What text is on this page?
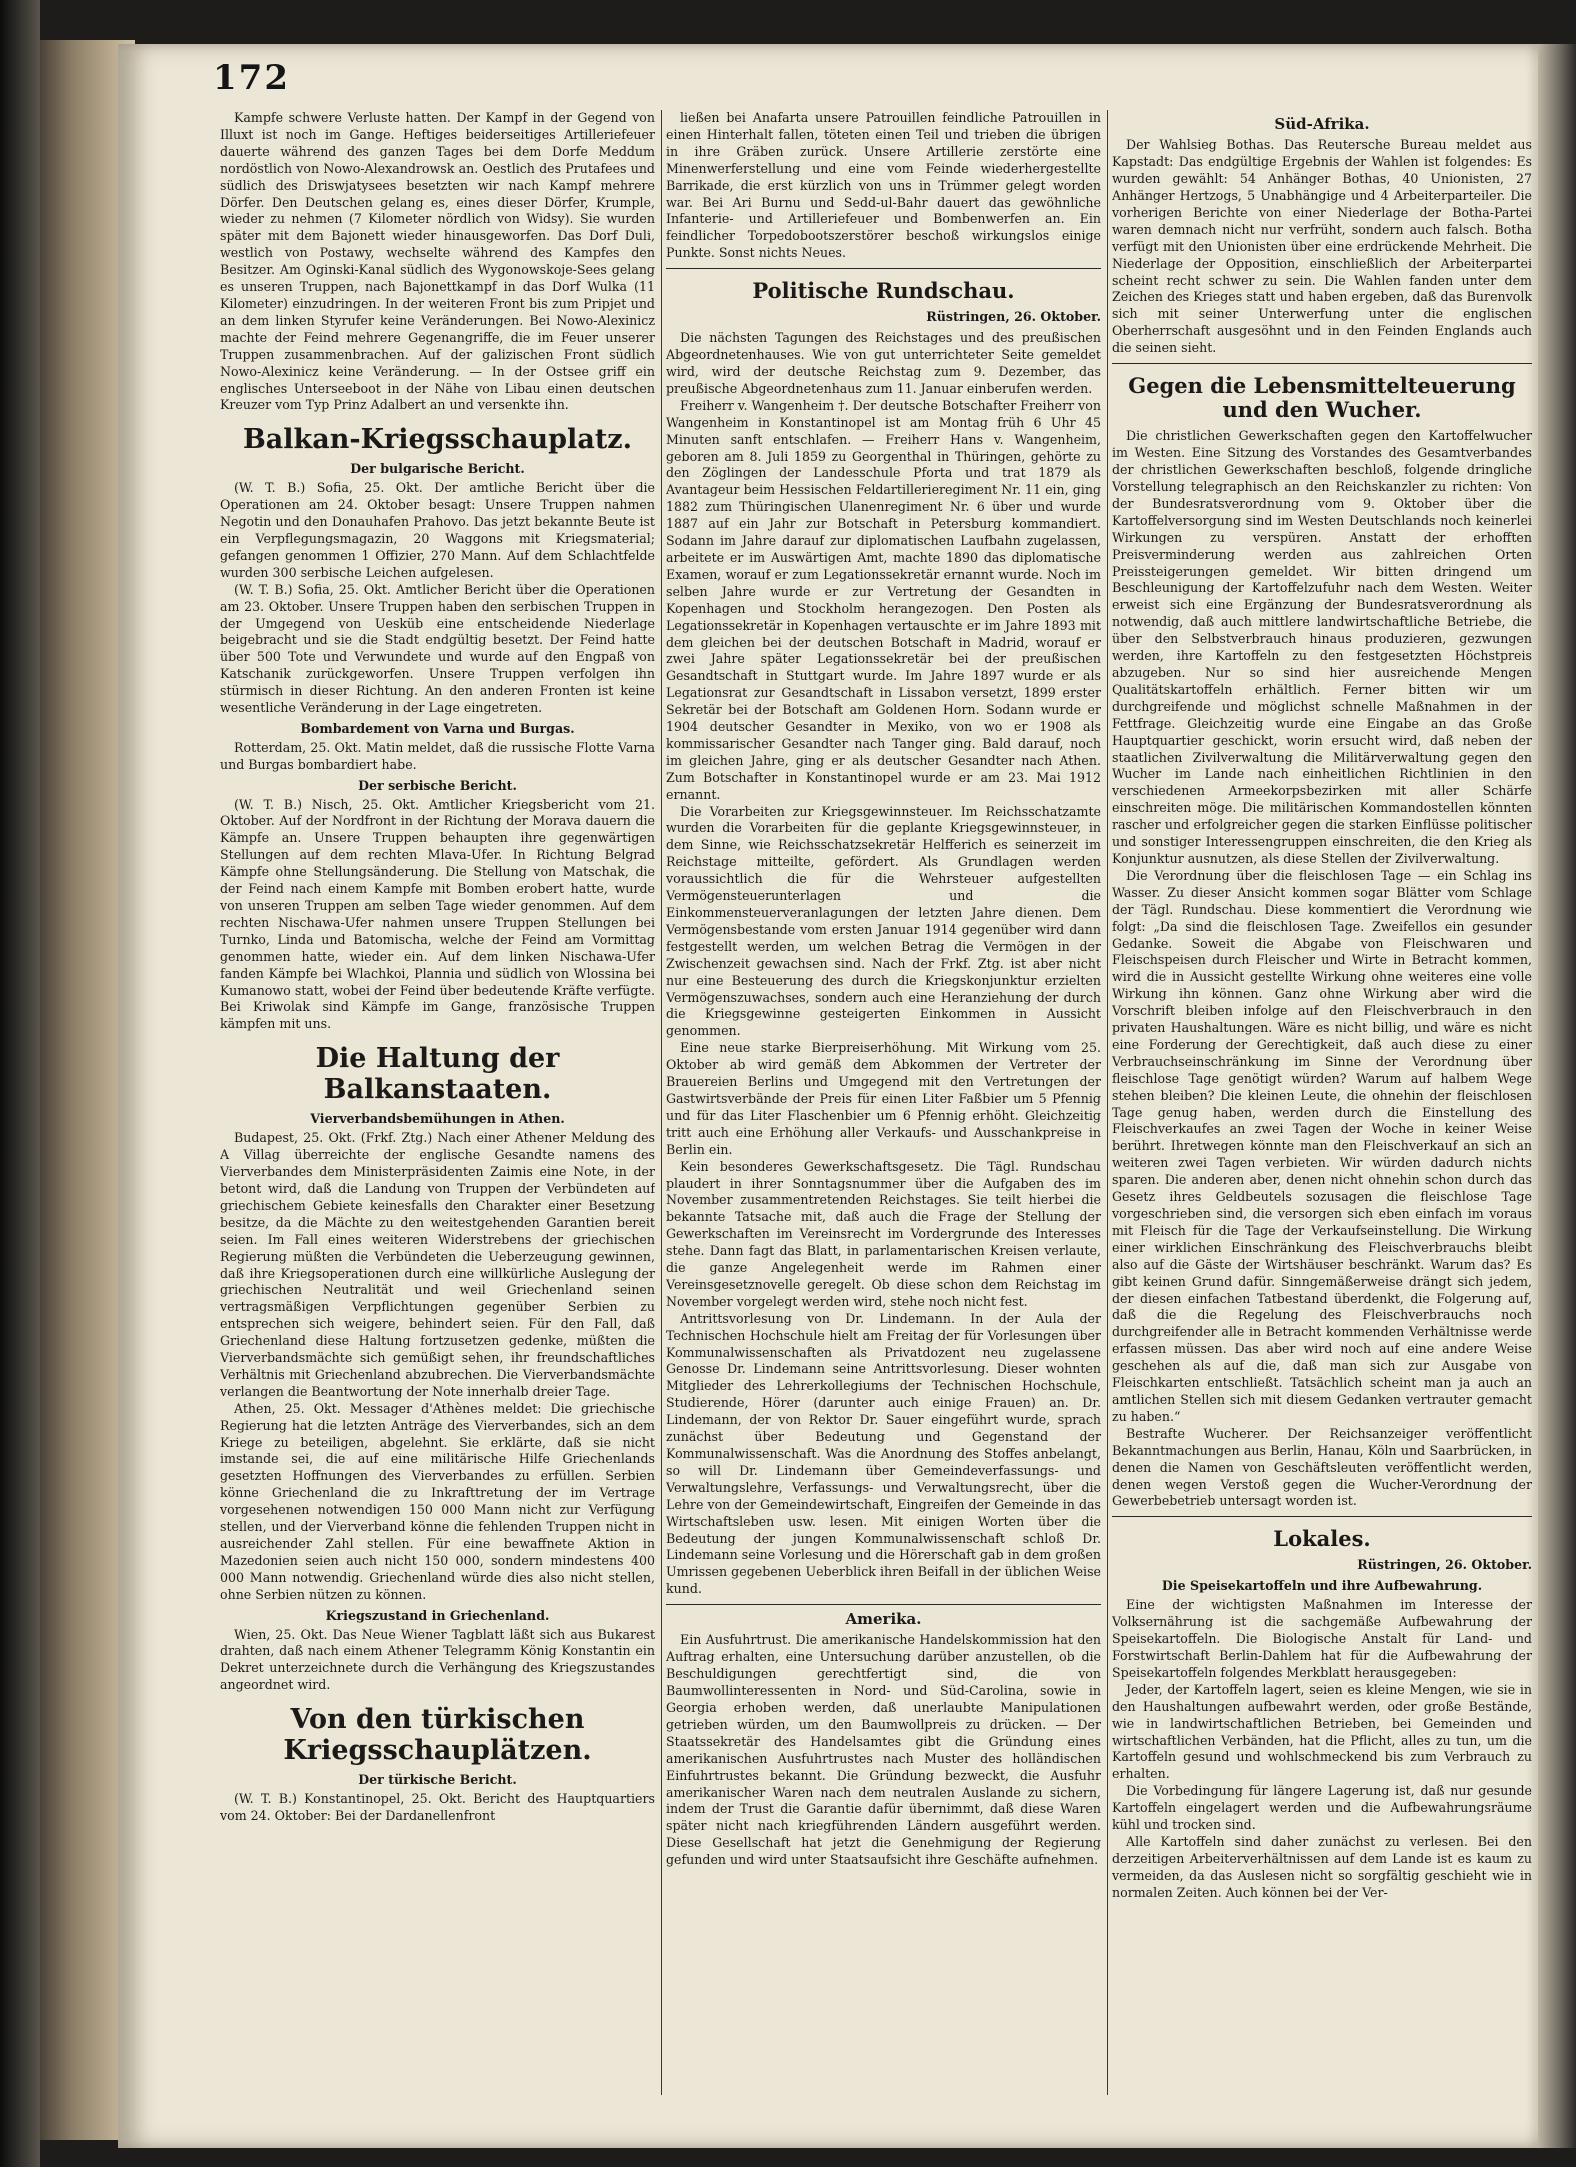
172

Kampfe schwere Verluste hatten. Der Kampf in der Gegend von Illuxt ist noch im Gange. Heftiges beiderseitiges Artilleriefeuer dauerte während des ganzen Tages bei dem Dorfe Meddum nordöstlich von Nowo-Alexandrowsk an. Oestlich des Prutafees und südlich des Driswjatysees besetzten wir nach Kampf mehrere Dörfer. Den Deutschen gelang es, eines dieser Dörfer, Krumple, wieder zu nehmen (7 Kilometer nördlich von Widsy). Sie wurden später mit dem Bajonett wieder hinausgeworfen. Das Dorf Duli, westlich von Postawy, wechselte während des Kampfes den Besitzer. Am Oginski-Kanal südlich des Wygonowskoje-Sees gelang es unseren Truppen, nach Bajonettkampf in das Dorf Wulka (11 Kilometer) einzudringen. In der weiteren Front bis zum Pripjet und an dem linken Styrufer keine Veränderungen. Bei Nowo-Alexinicz machte der Feind mehrere Gegenangriffe, die im Feuer unserer Truppen zusammenbrachen. Auf der galizischen Front südlich Nowo-Alexinicz keine Veränderung. — In der Ostsee griff ein englisches Unterseeboot in der Nähe von Libau einen deutschen Kreuzer vom Typ Prinz Adalbert an und versenkte ihn.

Balkan-Kriegsschauplatz.
Der bulgarische Bericht.

(W. T. B.) Sofia, 25. Okt. Der amtliche Bericht über die Operationen am 24. Oktober besagt: Unsere Truppen nahmen Negotin und den Donauhafen Prahovo. Das jetzt bekannte Beute ist ein Verpflegungsmagazin, 20 Waggons mit Kriegsmaterial; gefangen genommen 1 Offizier, 270 Mann. Auf dem Schlachtfelde wurden 300 serbische Leichen aufgelesen.

(W. T. B.) Sofia, 25. Okt. Amtlicher Bericht über die Operationen am 23. Oktober. Unsere Truppen haben den serbischen Truppen in der Umgegend von Uesküb eine entscheidende Niederlage beigebracht und sie die Stadt endgültig besetzt. Der Feind hatte über 500 Tote und Verwundete und wurde auf den Engpaß von Katschanik zurückgeworfen. Unsere Truppen verfolgen ihn stürmisch in dieser Richtung. An den anderen Fronten ist keine wesentliche Veränderung in der Lage eingetreten.

Bombardement von Varna und Burgas.

Rotterdam, 25. Okt. Matin meldet, daß die russische Flotte Varna und Burgas bombardiert habe.

Der serbische Bericht.

(W. T. B.) Nisch, 25. Okt. Amtlicher Kriegsbericht vom 21. Oktober. Auf der Nordfront in der Richtung der Morava dauern die Kämpfe an. Unsere Truppen behaupten ihre gegenwärtigen Stellungen auf dem rechten Mlava-Ufer. In Richtung Belgrad Kämpfe ohne Stellungsänderung. Die Stellung von Matschak, die der Feind nach einem Kampfe mit Bomben erobert hatte, wurde von unseren Truppen am selben Tage wieder genommen. Auf dem rechten Nischawa-Ufer nahmen unsere Truppen Stellungen bei Turnko, Linda und Batomischa, welche der Feind am Vormittag genommen hatte, wieder ein. Auf dem linken Nischawa-Ufer fanden Kämpfe bei Wlachkoi, Plannia und südlich von Wlossina bei Kumanowo statt, wobei der Feind über bedeutende Kräfte verfügte. Bei Kriwolak sind Kämpfe im Gange, französische Truppen kämpfen mit uns.

Die Haltung der Balkanstaaten.
Vierverbandsbemühungen in Athen.

Budapest, 25. Okt. (Frkf. Ztg.) Nach einer Athener Meldung des A Villag überreichte der englische Gesandte namens des Vierverbandes dem Ministerpräsidenten Zaimis eine Note, in der betont wird, daß die Landung von Truppen der Verbündeten auf griechischem Gebiete keinesfalls den Charakter einer Besetzung besitze, da die Mächte zu den weitestgehenden Garantien bereit seien. Im Fall eines weiteren Widerstrebens der griechischen Regierung müßten die Verbündeten die Ueberzeugung gewinnen, daß ihre Kriegsoperationen durch eine willkürliche Auslegung der griechischen Neutralität und weil Griechenland seinen vertragsmäßigen Verpflichtungen gegenüber Serbien zu entsprechen sich weigere, behindert seien. Für den Fall, daß Griechenland diese Haltung fortzusetzen gedenke, müßten die Vierverbandsmächte sich gemüßigt sehen, ihr freundschaftliches Verhältnis mit Griechenland abzubrechen. Die Vierverbandsmächte verlangen die Beantwortung der Note innerhalb dreier Tage.

Athen, 25. Okt. Messager d'Athènes meldet: Die griechische Regierung hat die letzten Anträge des Vierverbandes, sich an dem Kriege zu beteiligen, abgelehnt. Sie erklärte, daß sie nicht imstande sei, die auf eine militärische Hilfe Griechenlands gesetzten Hoffnungen des Vierverbandes zu erfüllen. Serbien könne Griechenland die zu Inkrafttretung der im Vertrage vorgesehenen notwendigen 150 000 Mann nicht zur Verfügung stellen, und der Vierverband könne die fehlenden Truppen nicht in ausreichender Zahl stellen. Für eine bewaffnete Aktion in Mazedonien seien auch nicht 150 000, sondern mindestens 400 000 Mann notwendig. Griechenland würde dies also nicht stellen, ohne Serbien nützen zu können.

Kriegszustand in Griechenland.

Wien, 25. Okt. Das Neue Wiener Tagblatt läßt sich aus Bukarest drahten, daß nach einem Athener Telegramm König Konstantin ein Dekret unterzeichnete durch die Verhängung des Kriegszustandes angeordnet wird.

Von den türkischen Kriegsschauplätzen.
Der türkische Bericht.

(W. T. B.) Konstantinopel, 25. Okt. Bericht des Hauptquartiers vom 24. Oktober: Bei der Dardanellenfront

ließen bei Anafarta unsere Patrouillen feindliche Patrouillen in einen Hinterhalt fallen, töteten einen Teil und trieben die übrigen in ihre Gräben zurück. Unsere Artillerie zerstörte eine Minenwerferstellung und eine vom Feinde wiederhergestellte Barrikade, die erst kürzlich von uns in Trümmer gelegt worden war. Bei Ari Burnu und Sedd-ul-Bahr dauert das gewöhnliche Infanterie- und Artilleriefeuer und Bombenwerfen an. Ein feindlicher Torpedobootszerstörer beschoß wirkungslos einige Punkte. Sonst nichts Neues.

Politische Rundschau.
Rüstringen, 26. Oktober.

Die nächsten Tagungen des Reichstages und des preußischen Abgeordnetenhauses. Wie von gut unterrichteter Seite gemeldet wird, wird der deutsche Reichstag zum 9. Dezember, das preußische Abgeordnetenhaus zum 11. Januar einberufen werden.

Freiherr v. Wangenheim †. Der deutsche Botschafter Freiherr von Wangenheim in Konstantinopel ist am Montag früh 6 Uhr 45 Minuten sanft entschlafen. — Freiherr Hans v. Wangenheim, geboren am 8. Juli 1859 zu Georgenthal in Thüringen, gehörte zu den Zöglingen der Landesschule Pforta und trat 1879 als Avantageur beim Hessischen Feldartillerieregiment Nr. 11 ein, ging 1882 zum Thüringischen Ulanenregiment Nr. 6 über und wurde 1887 auf ein Jahr zur Botschaft in Petersburg kommandiert. Sodann im Jahre darauf zur diplomatischen Laufbahn zugelassen, arbeitete er im Auswärtigen Amt, machte 1890 das diplomatische Examen, worauf er zum Legationssekretär ernannt wurde. Noch im selben Jahre wurde er zur Vertretung der Gesandten in Kopenhagen und Stockholm herangezogen. Den Posten als Legationssekretär in Kopenhagen vertauschte er im Jahre 1893 mit dem gleichen bei der deutschen Botschaft in Madrid, worauf er zwei Jahre später Legationssekretär bei der preußischen Gesandtschaft in Stuttgart wurde. Im Jahre 1897 wurde er als Legationsrat zur Gesandtschaft in Lissabon versetzt, 1899 erster Sekretär bei der Botschaft am Goldenen Horn. Sodann wurde er 1904 deutscher Gesandter in Mexiko, von wo er 1908 als kommissarischer Gesandter nach Tanger ging. Bald darauf, noch im gleichen Jahre, ging er als deutscher Gesandter nach Athen. Zum Botschafter in Konstantinopel wurde er am 23. Mai 1912 ernannt.

Die Vorarbeiten zur Kriegsgewinnsteuer. Im Reichsschatzamte wurden die Vorarbeiten für die geplante Kriegsgewinnsteuer, in dem Sinne, wie Reichsschatzsekretär Helfferich es seinerzeit im Reichstage mitteilte, gefördert. Als Grundlagen werden voraussichtlich die für die Wehrsteuer aufgestellten Vermögensteuerunterlagen und die Einkommensteuerveranlagungen der letzten Jahre dienen. Dem Vermögensbestande vom ersten Januar 1914 gegenüber wird dann festgestellt werden, um welchen Betrag die Vermögen in der Zwischenzeit gewachsen sind. Nach der Frkf. Ztg. ist aber nicht nur eine Besteuerung des durch die Kriegskonjunktur erzielten Vermögenszuwachses, sondern auch eine Heranziehung der durch die Kriegsgewinne gesteigerten Einkommen in Aussicht genommen.

Eine neue starke Bierpreiserhöhung. Mit Wirkung vom 25. Oktober ab wird gemäß dem Abkommen der Vertreter der Brauereien Berlins und Umgegend mit den Vertretungen der Gastwirtsverbände der Preis für einen Liter Faßbier um 5 Pfennig und für das Liter Flaschenbier um 6 Pfennig erhöht. Gleichzeitig tritt auch eine Erhöhung aller Verkaufs- und Ausschankpreise in Berlin ein.

Kein besonderes Gewerkschaftsgesetz. Die Tägl. Rundschau plaudert in ihrer Sonntagsnummer über die Aufgaben des im November zusammentretenden Reichstages. Sie teilt hierbei die bekannte Tatsache mit, daß auch die Frage der Stellung der Gewerkschaften im Vereinsrecht im Vordergrunde des Interesses stehe. Dann fagt das Blatt, in parlamentarischen Kreisen verlaute, die ganze Angelegenheit werde im Rahmen einer Vereinsgesetznovelle geregelt. Ob diese schon dem Reichstag im November vorgelegt werden wird, stehe noch nicht fest.

Antrittsvorlesung von Dr. Lindemann. In der Aula der Technischen Hochschule hielt am Freitag der für Vorlesungen über Kommunalwissenschaften als Privatdozent neu zugelassene Genosse Dr. Lindemann seine Antrittsvorlesung. Dieser wohnten Mitglieder des Lehrerkollegiums der Technischen Hochschule, Studierende, Hörer (darunter auch einige Frauen) an. Dr. Lindemann, der von Rektor Dr. Sauer eingeführt wurde, sprach zunächst über Bedeutung und Gegenstand der Kommunalwissenschaft. Was die Anordnung des Stoffes anbelangt, so will Dr. Lindemann über Gemeindeverfassungs- und Verwaltungslehre, Verfassungs- und Verwaltungsrecht, über die Lehre von der Gemeindewirtschaft, Eingreifen der Gemeinde in das Wirtschaftsleben usw. lesen. Mit einigen Worten über die Bedeutung der jungen Kommunalwissenschaft schloß Dr. Lindemann seine Vorlesung und die Hörerschaft gab in dem großen Umrissen gegebenen Ueberblick ihren Beifall in der üblichen Weise kund.

Amerika.

Ein Ausfuhrtrust. Die amerikanische Handelskommission hat den Auftrag erhalten, eine Untersuchung darüber anzustellen, ob die Beschuldigungen gerechtfertigt sind, die von Baumwollinteressenten in Nord- und Süd-Carolina, sowie in Georgia erhoben werden, daß unerlaubte Manipulationen getrieben würden, um den Baumwollpreis zu drücken. — Der Staatssekretär des Handelsamtes gibt die Gründung eines amerikanischen Ausfuhrtrustes nach Muster des holländischen Einfuhrtrustes bekannt. Die Gründung bezweckt, die Ausfuhr amerikanischer Waren nach dem neutralen Auslande zu sichern, indem der Trust die Garantie dafür übernimmt, daß diese Waren später nicht nach kriegführenden Ländern ausgeführt werden. Diese Gesellschaft hat jetzt die Genehmigung der Regierung gefunden und wird unter Staatsaufsicht ihre Geschäfte aufnehmen.

Süd-Afrika.

Der Wahlsieg Bothas. Das Reutersche Bureau meldet aus Kapstadt: Das endgültige Ergebnis der Wahlen ist folgendes: Es wurden gewählt: 54 Anhänger Bothas, 40 Unionisten, 27 Anhänger Hertzogs, 5 Unabhängige und 4 Arbeiterparteiler. Die vorherigen Berichte von einer Niederlage der Botha-Partei waren demnach nicht nur verfrüht, sondern auch falsch. Botha verfügt mit den Unionisten über eine erdrückende Mehrheit. Die Niederlage der Opposition, einschließlich der Arbeiterpartei scheint recht schwer zu sein. Die Wahlen fanden unter dem Zeichen des Krieges statt und haben ergeben, daß das Burenvolk sich mit seiner Unterwerfung unter die englischen Oberherrschaft ausgesöhnt und in den Feinden Englands auch die seinen sieht.

Gegen die Lebensmittelteuerung und den Wucher.

Die christlichen Gewerkschaften gegen den Kartoffelwucher im Westen. Eine Sitzung des Vorstandes des Gesamtverbandes der christlichen Gewerkschaften beschloß, folgende dringliche Vorstellung telegraphisch an den Reichskanzler zu richten: Von der Bundesratsverordnung vom 9. Oktober über die Kartoffelversorgung sind im Westen Deutschlands noch keinerlei Wirkungen zu verspüren. Anstatt der erhofften Preisverminderung werden aus zahlreichen Orten Preissteigerungen gemeldet. Wir bitten dringend um Beschleunigung der Kartoffelzufuhr nach dem Westen. Weiter erweist sich eine Ergänzung der Bundesratsverordnung als notwendig, daß auch mittlere landwirtschaftliche Betriebe, die über den Selbstverbrauch hinaus produzieren, gezwungen werden, ihre Kartoffeln zu den festgesetzten Höchstpreis abzugeben. Nur so sind hier ausreichende Mengen Qualitätskartoffeln erhältlich. Ferner bitten wir um durchgreifende und möglichst schnelle Maßnahmen in der Fettfrage. Gleichzeitig wurde eine Eingabe an das Große Hauptquartier geschickt, worin ersucht wird, daß neben der staatlichen Zivilverwaltung die Militärverwaltung gegen den Wucher im Lande nach einheitlichen Richtlinien in den verschiedenen Armeekorpsbezirken mit aller Schärfe einschreiten möge. Die militärischen Kommandostellen könnten rascher und erfolgreicher gegen die starken Einflüsse politischer und sonstiger Interessengruppen einschreiten, die den Krieg als Konjunktur ausnutzen, als diese Stellen der Zivilverwaltung.

Die Verordnung über die fleischlosen Tage — ein Schlag ins Wasser. Zu dieser Ansicht kommen sogar Blätter vom Schlage der Tägl. Rundschau. Diese kommentiert die Verordnung wie folgt: „Da sind die fleischlosen Tage. Zweifellos ein gesunder Gedanke. Soweit die Abgabe von Fleischwaren und Fleischspeisen durch Fleischer und Wirte in Betracht kommen, wird die in Aussicht gestellte Wirkung ohne weiteres eine volle Wirkung ihn können. Ganz ohne Wirkung aber wird die Vorschrift bleiben infolge auf den Fleischverbrauch in den privaten Haushaltungen. Wäre es nicht billig, und wäre es nicht eine Forderung der Gerechtigkeit, daß auch diese zu einer Verbrauchseinschränkung im Sinne der Verordnung über fleischlose Tage genötigt würden? Warum auf halbem Wege stehen bleiben? Die kleinen Leute, die ohnehin der fleischlosen Tage genug haben, werden durch die Einstellung des Fleischverkaufes an zwei Tagen der Woche in keiner Weise berührt. Ihretwegen könnte man den Fleischverkauf an sich an weiteren zwei Tagen verbieten. Wir würden dadurch nichts sparen. Die anderen aber, denen nicht ohnehin schon durch das Gesetz ihres Geldbeutels sozusagen die fleischlose Tage vorgeschrieben sind, die versorgen sich eben einfach im voraus mit Fleisch für die Tage der Verkaufseinstellung. Die Wirkung einer wirklichen Einschränkung des Fleischverbrauchs bleibt also auf die Gäste der Wirtshäuser beschränkt. Warum das? Es gibt keinen Grund dafür. Sinngemäßerweise drängt sich jedem, der diesen einfachen Tatbestand überdenkt, die Folgerung auf, daß die die Regelung des Fleischverbrauchs noch durchgreifender alle in Betracht kommenden Verhältnisse werde erfassen müssen. Das aber wird noch auf eine andere Weise geschehen als auf die, daß man sich zur Ausgabe von Fleischkarten entschließt. Tatsächlich scheint man ja auch an amtlichen Stellen sich mit diesem Gedanken vertrauter gemacht zu haben.“

Bestrafte Wucherer. Der Reichsanzeiger veröffentlicht Bekanntmachungen aus Berlin, Hanau, Köln und Saarbrücken, in denen die Namen von Geschäftsleuten veröffentlicht werden, denen wegen Verstoß gegen die Wucher-Verordnung der Gewerbebetrieb untersagt worden ist.

Lokales.
Rüstringen, 26. Oktober.
Die Speisekartoffeln und ihre Aufbewahrung.

Eine der wichtigsten Maßnahmen im Interesse der Volksernährung ist die sachgemäße Aufbewahrung der Speisekartoffeln. Die Biologische Anstalt für Land- und Forstwirtschaft Berlin-Dahlem hat für die Aufbewahrung der Speisekartoffeln folgendes Merkblatt herausgegeben:

Jeder, der Kartoffeln lagert, seien es kleine Mengen, wie sie in den Haushaltungen aufbewahrt werden, oder große Bestände, wie in landwirtschaftlichen Betrieben, bei Gemeinden und wirtschaftlichen Verbänden, hat die Pflicht, alles zu tun, um die Kartoffeln gesund und wohlschmeckend bis zum Verbrauch zu erhalten.

Die Vorbedingung für längere Lagerung ist, daß nur gesunde Kartoffeln eingelagert werden und die Aufbewahrungsräume kühl und trocken sind.

Alle Kartoffeln sind daher zunächst zu verlesen. Bei den derzeitigen Arbeiterverhältnissen auf dem Lande ist es kaum zu vermeiden, da das Auslesen nicht so sorgfältig geschieht wie in normalen Zeiten. Auch können bei der Ver-
